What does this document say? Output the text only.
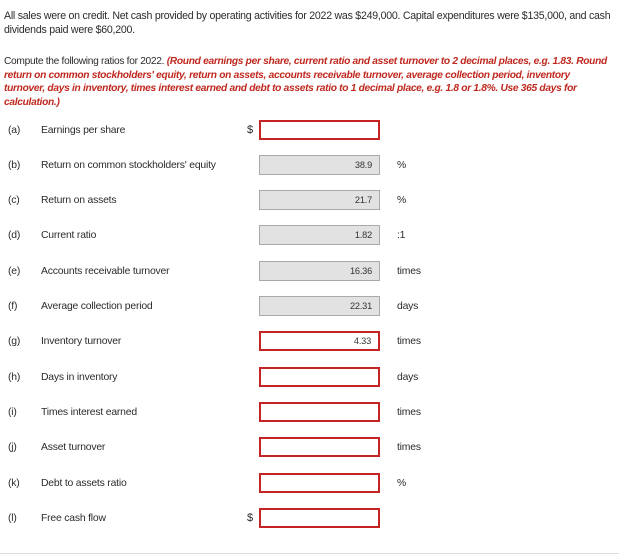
All sales were on credit. Net cash provided by operating activities for 2022 was $249,000. Capital expenditures were $135,000, and cash dividends paid were $60,200.
Compute the following ratios for 2022. (Round earnings per share, current ratio and asset turnover to 2 decimal places, e.g. 1.83. Round return on common stockholders' equity, return on assets, accounts receivable turnover, average collection period, inventory turnover, days in inventory, times interest earned and debt to assets ratio to 1 decimal place, e.g. 1.8 or 1.8%. Use 365 days for calculation.)
(a) Earnings per share	$
(b) Return on common stockholders' equity	38.9	%
(c) Return on assets	21.7	%
(d) Current ratio	1.82	:1
(e) Accounts receivable turnover	16.36	times
(f) Average collection period	22.31	days
(g) Inventory turnover	4.33	times
(h) Days in inventory	days
(i) Times interest earned	times
(j) Asset turnover	times
(k) Debt to assets ratio	%
(l) Free cash flow	$
